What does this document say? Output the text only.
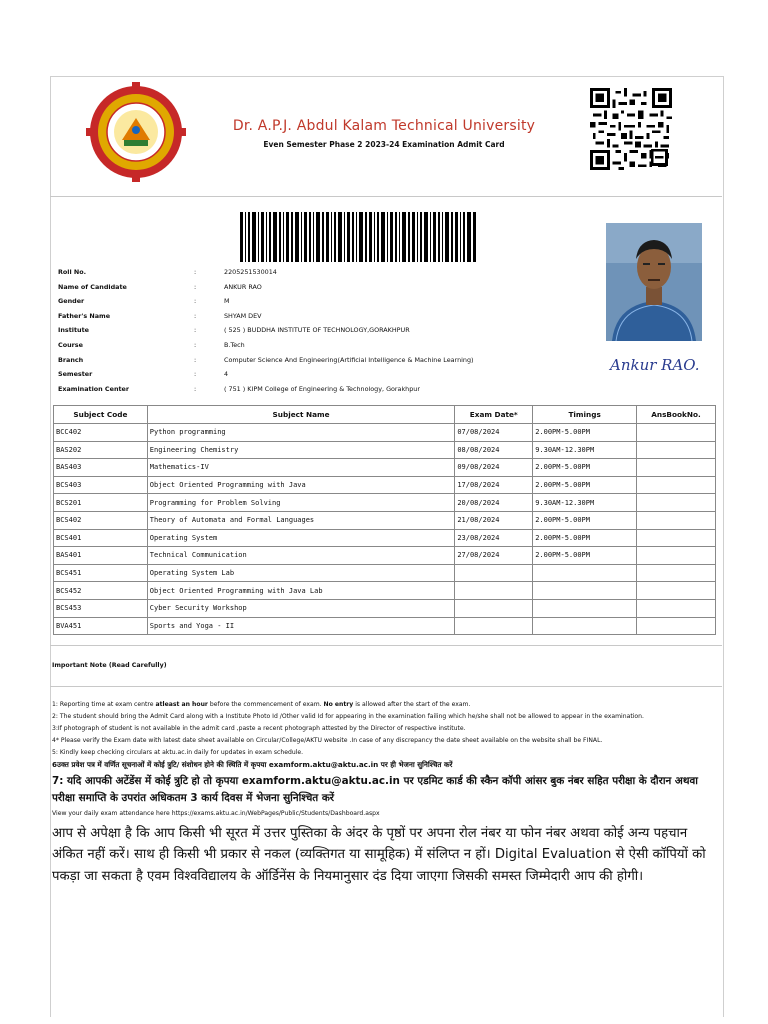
Dr. A.P.J. Abdul Kalam Technical University
Even Semester Phase 2 2023-24 Examination Admit Card
Ankur RAO.
Roll No.	:	2205251530014
Name of Candidate	:	ANKUR RAO
Gender	:	M
Father's Name	:	SHYAM DEV
Institute	:	( 525 ) BUDDHA INSTITUTE OF TECHNOLOGY,GORAKHPUR
Course	:	B.Tech
Branch	:	Computer Science And Engineering(Artificial Intelligence & Machine Learning)
Semester	:	4
Examination Center	:	( 751 ) KIPM College of Engineering & Technology, Gorakhpur
Subject Code	Subject Name	Exam Date*	Timings	AnsBookNo.
BCC402	Python programming	07/08/2024	2.00PM-5.00PM	
BAS202	Engineering Chemistry	08/08/2024	9.30AM-12.30PM	
BAS403	Mathematics-IV	09/08/2024	2.00PM-5.00PM	
BCS403	Object Oriented Programming with Java	17/08/2024	2.00PM-5.00PM	
BCS201	Programming for Problem Solving	20/08/2024	9.30AM-12.30PM	
BCS402	Theory of Automata and Formal Languages	21/08/2024	2.00PM-5.00PM	
BCS401	Operating System	23/08/2024	2.00PM-5.00PM	
BAS401	Technical Communication	27/08/2024	2.00PM-5.00PM	
BCS451	Operating System Lab			
BCS452	Object Oriented Programming with Java Lab			
BCS453	Cyber Security Workshop			
BVA451	Sports and Yoga - II			
Important Note (Read Carefully)

1: Reporting time at exam centre atleast an hour before the commencement of exam. No entry is allowed after the start of the exam.

2: The student should bring the Admit Card along with a Institute Photo Id /Other valid Id for appearing in the examination failing which he/she shall not be allowed to appear in the examination.

3:If photograph of student is not available in the admit card ,paste a recent photograph attested by the Director of respective institute.

4* Please verify the Exam date with latest date sheet available on Circular/College/AKTU website .In case of any discrepancy the date sheet available on the website shall be FINAL.

5: Kindly keep checking circulars at aktu.ac.in daily for updates in exam schedule.

6उक्त प्रवेश पत्र में वर्णित सूचनाओं में कोई त्रुटि/ संशोधन होने की स्थिति में कृपया examform.aktu@aktu.ac.in पर ही भेजना सुनिश्चित करें

7: यदि आपकी अटेंडेंस में कोई त्रुटि हो तो कृपया examform.aktu@aktu.ac.in पर एडमिट कार्ड की स्कैन कॉपी आंसर बुक नंबर सहित परीक्षा के दौरान अथवा परीक्षा समाप्ति के उपरांत अधिकतम 3 कार्य दिवस में भेजना सुनिश्चित करें

View your daily exam attendance here https://exams.aktu.ac.in/WebPages/Public/Students/Dashboard.aspx

आप से अपेक्षा है कि आप किसी भी सूरत में उत्तर पुस्तिका के अंदर के पृष्ठों पर अपना रोल नंबर या फोन नंबर अथवा कोई अन्य पहचान अंकित नहीं करें। साथ ही किसी भी प्रकार से नकल (व्यक्तिगत या सामूहिक) में संलिप्त न हों। Digital Evaluation से ऐसी कॉपियों को पकड़ा जा सकता है एवम विश्वविद्यालय के ऑर्डिनेंस के नियमानुसार दंड दिया जाएगा जिसकी समस्त जिम्मेदारी आप की होगी।
